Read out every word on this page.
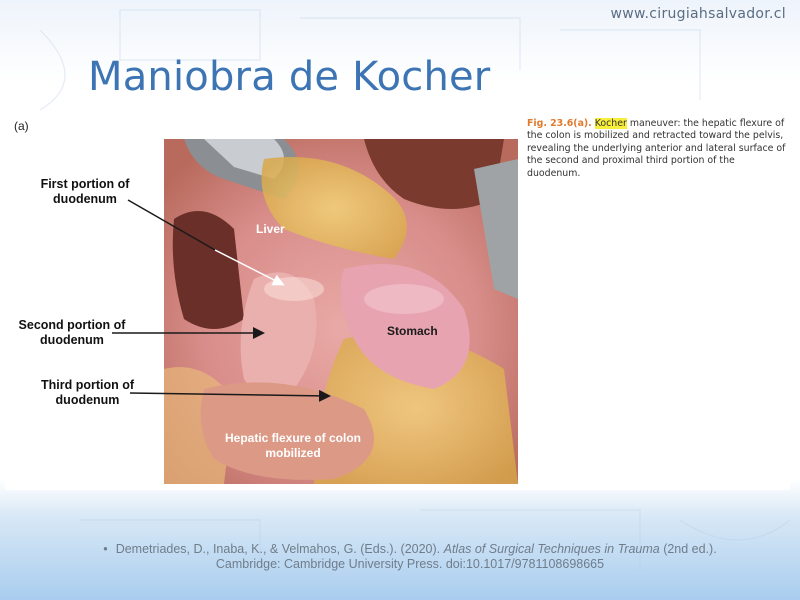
www.cirugiahsalvador.cl
Maniobra de Kocher
(a)
Liver
Stomach
Hepatic flexure of colon
mobilized
First portion of
duodenum
Second portion of
duodenum
Third portion of
duodenum
Fig. 23.6(a). Kocher maneuver: the hepatic flexure of the colon is mobilized and retracted toward the pelvis, revealing the underlying anterior and lateral surface of the second and proximal third portion of the duodenum.
• Demetriades, D., Inaba, K., & Velmahos, G. (Eds.). (2020). Atlas of Surgical Techniques in Trauma (2nd ed.).
Cambridge: Cambridge University Press. doi:10.1017/9781108698665
